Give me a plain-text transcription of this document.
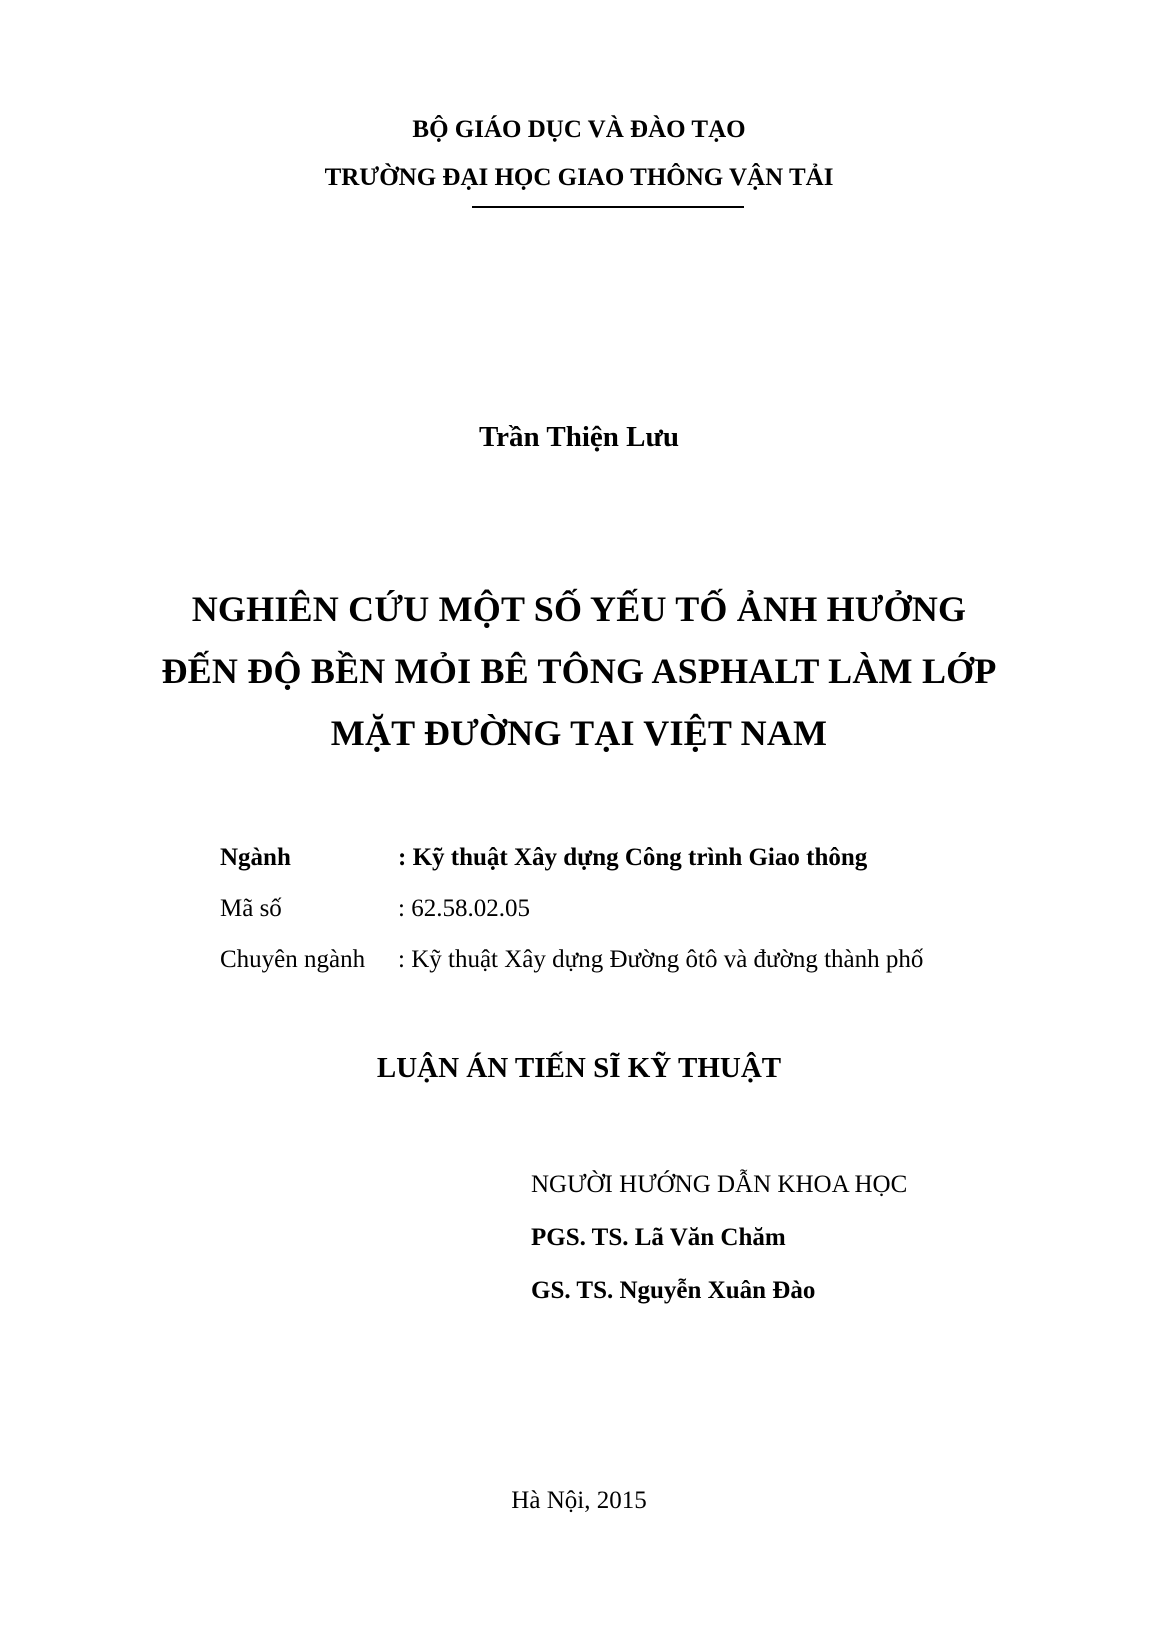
BỘ GIÁO DỤC VÀ ĐÀO TẠO
TRƯỜNG ĐẠI HỌC GIAO THÔNG VẬN TẢI
Trần Thiện Lưu
NGHIÊN CỨU MỘT SỐ YẾU TỐ ẢNH HƯỞNG
ĐẾN ĐỘ BỀN MỎI BÊ TÔNG ASPHALT LÀM LỚP
MẶT ĐƯỜNG TẠI VIỆT NAM
Ngành	: Kỹ thuật Xây dựng Công trình Giao thông
Mã số	: 62.58.02.05
Chuyên ngành : Kỹ thuật Xây dựng Đường ôtô và đường thành phố
LUẬN ÁN TIẾN SĨ KỸ THUẬT
NGƯỜI HƯỚNG DẪN KHOA HỌC
PGS. TS. Lã Văn Chăm
GS. TS. Nguyễn Xuân Đào
Hà Nội, 2015
